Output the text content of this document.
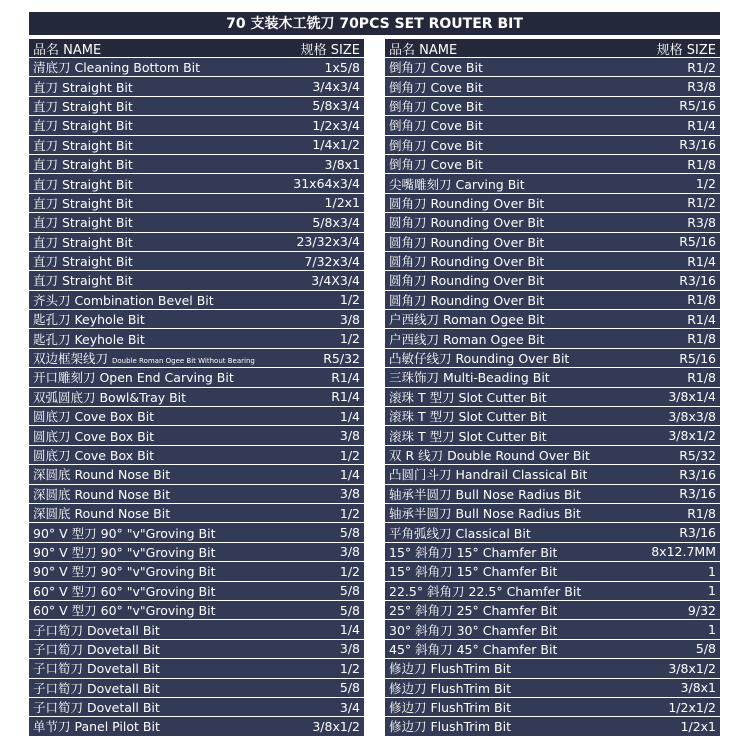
70 支装木工铣刀 70PCS SET ROUTER BIT
品名 NAME	规格 SIZE
清底刀 Cleaning Bottom Bit	1x5/8
直刀 Straight Bit	3/4x3/4
直刀 Straight Bit	5/8x3/4
直刀 Straight Bit	1/2x3/4
直刀 Straight Bit	1/4x1/2
直刀 Straight Bit	3/8x1
直刀 Straight Bit	31x64x3/4
直刀 Straight Bit	1/2x1
直刀 Straight Bit	5/8x3/4
直刀 Straight Bit	23/32x3/4
直刀 Straight Bit	7/32x3/4
直刀 Straight Bit	3/4X3/4
齐头刀 Combination Bevel Bit	1/2
匙孔刀 Keyhole Bit	3/8
匙孔刀 Keyhole Bit	1/2
双边框架线刀 Double Roman Ogee Bit Without Bearing	R5/32
开口雕刻刀 Open End Carving Bit	R1/4
双弧圆底刀 Bowl&Tray Bit	R1/4
圆底刀 Cove Box Bit	1/4
圆底刀 Cove Box Bit	3/8
圆底刀 Cove Box Bit	1/2
深圆底 Round Nose Bit	1/4
深圆底 Round Nose Bit	3/8
深圆底 Round Nose Bit	1/2
90° V 型刀 90° "v"Groving Bit	5/8
90° V 型刀 90° "v"Groving Bit	3/8
90° V 型刀 90° "v"Groving Bit	1/2
60° V 型刀 60° "v"Groving Bit	5/8
60° V 型刀 60° "v"Groving Bit	5/8
子口筍刀 Dovetall Bit	1/4
子口筍刀 Dovetall Bit	3/8
子口筍刀 Dovetall Bit	1/2
子口筍刀 Dovetall Bit	5/8
子口筍刀 Dovetall Bit	3/4
单节刀 Panel Pilot Bit	3/8x1/2
品名 NAME	规格 SIZE
倒角刀 Cove Bit	R1/2
倒角刀 Cove Bit	R3/8
倒角刀 Cove Bit	R5/16
倒角刀 Cove Bit	R1/4
倒角刀 Cove Bit	R3/16
倒角刀 Cove Bit	R1/8
尖嘴雕刻刀 Carving Bit	1/2
圆角刀 Rounding Over Bit	R1/2
圆角刀 Rounding Over Bit	R3/8
圆角刀 Rounding Over Bit	R5/16
圆角刀 Rounding Over Bit	R1/4
圆角刀 Rounding Over Bit	R3/16
圆角刀 Rounding Over Bit	R1/8
户西线刀 Roman Ogee Bit	R1/4
户西线刀 Roman Ogee Bit	R1/8
凸敏仔线刀 Rounding Over Bit	R5/16
三珠饰刀 Multi-Beading Bit	R1/8
滚珠 T 型刀 Slot Cutter Bit	3/8x1/4
滚珠 T 型刀 Slot Cutter Bit	3/8x3/8
滚珠 T 型刀 Slot Cutter Bit	3/8x1/2
双 R 线刀 Double Round Over Bit	R5/32
凸圆门斗刀 Handrail Classical Bit	R3/16
轴承半圆刀 Bull Nose Radius Bit	R3/16
轴承半圆刀 Bull Nose Radius Bit	R1/8
平角弧线刀 Classical Bit	R3/16
15° 斜角刀 15° Chamfer Bit	8x12.7MM
15° 斜角刀 15° Chamfer Bit	1
22.5° 斜角刀 22.5° Chamfer Bit	1
25° 斜角刀 25° Chamfer Bit	9/32
30° 斜角刀 30° Chamfer Bit	1
45° 斜角刀 45° Chamfer Bit	5/8
修边刀 FlushTrim Bit	3/8x1/2
修边刀 FlushTrim Bit	3/8x1
修边刀 FlushTrim Bit	1/2x1/2
修边刀 FlushTrim Bit	1/2x1
